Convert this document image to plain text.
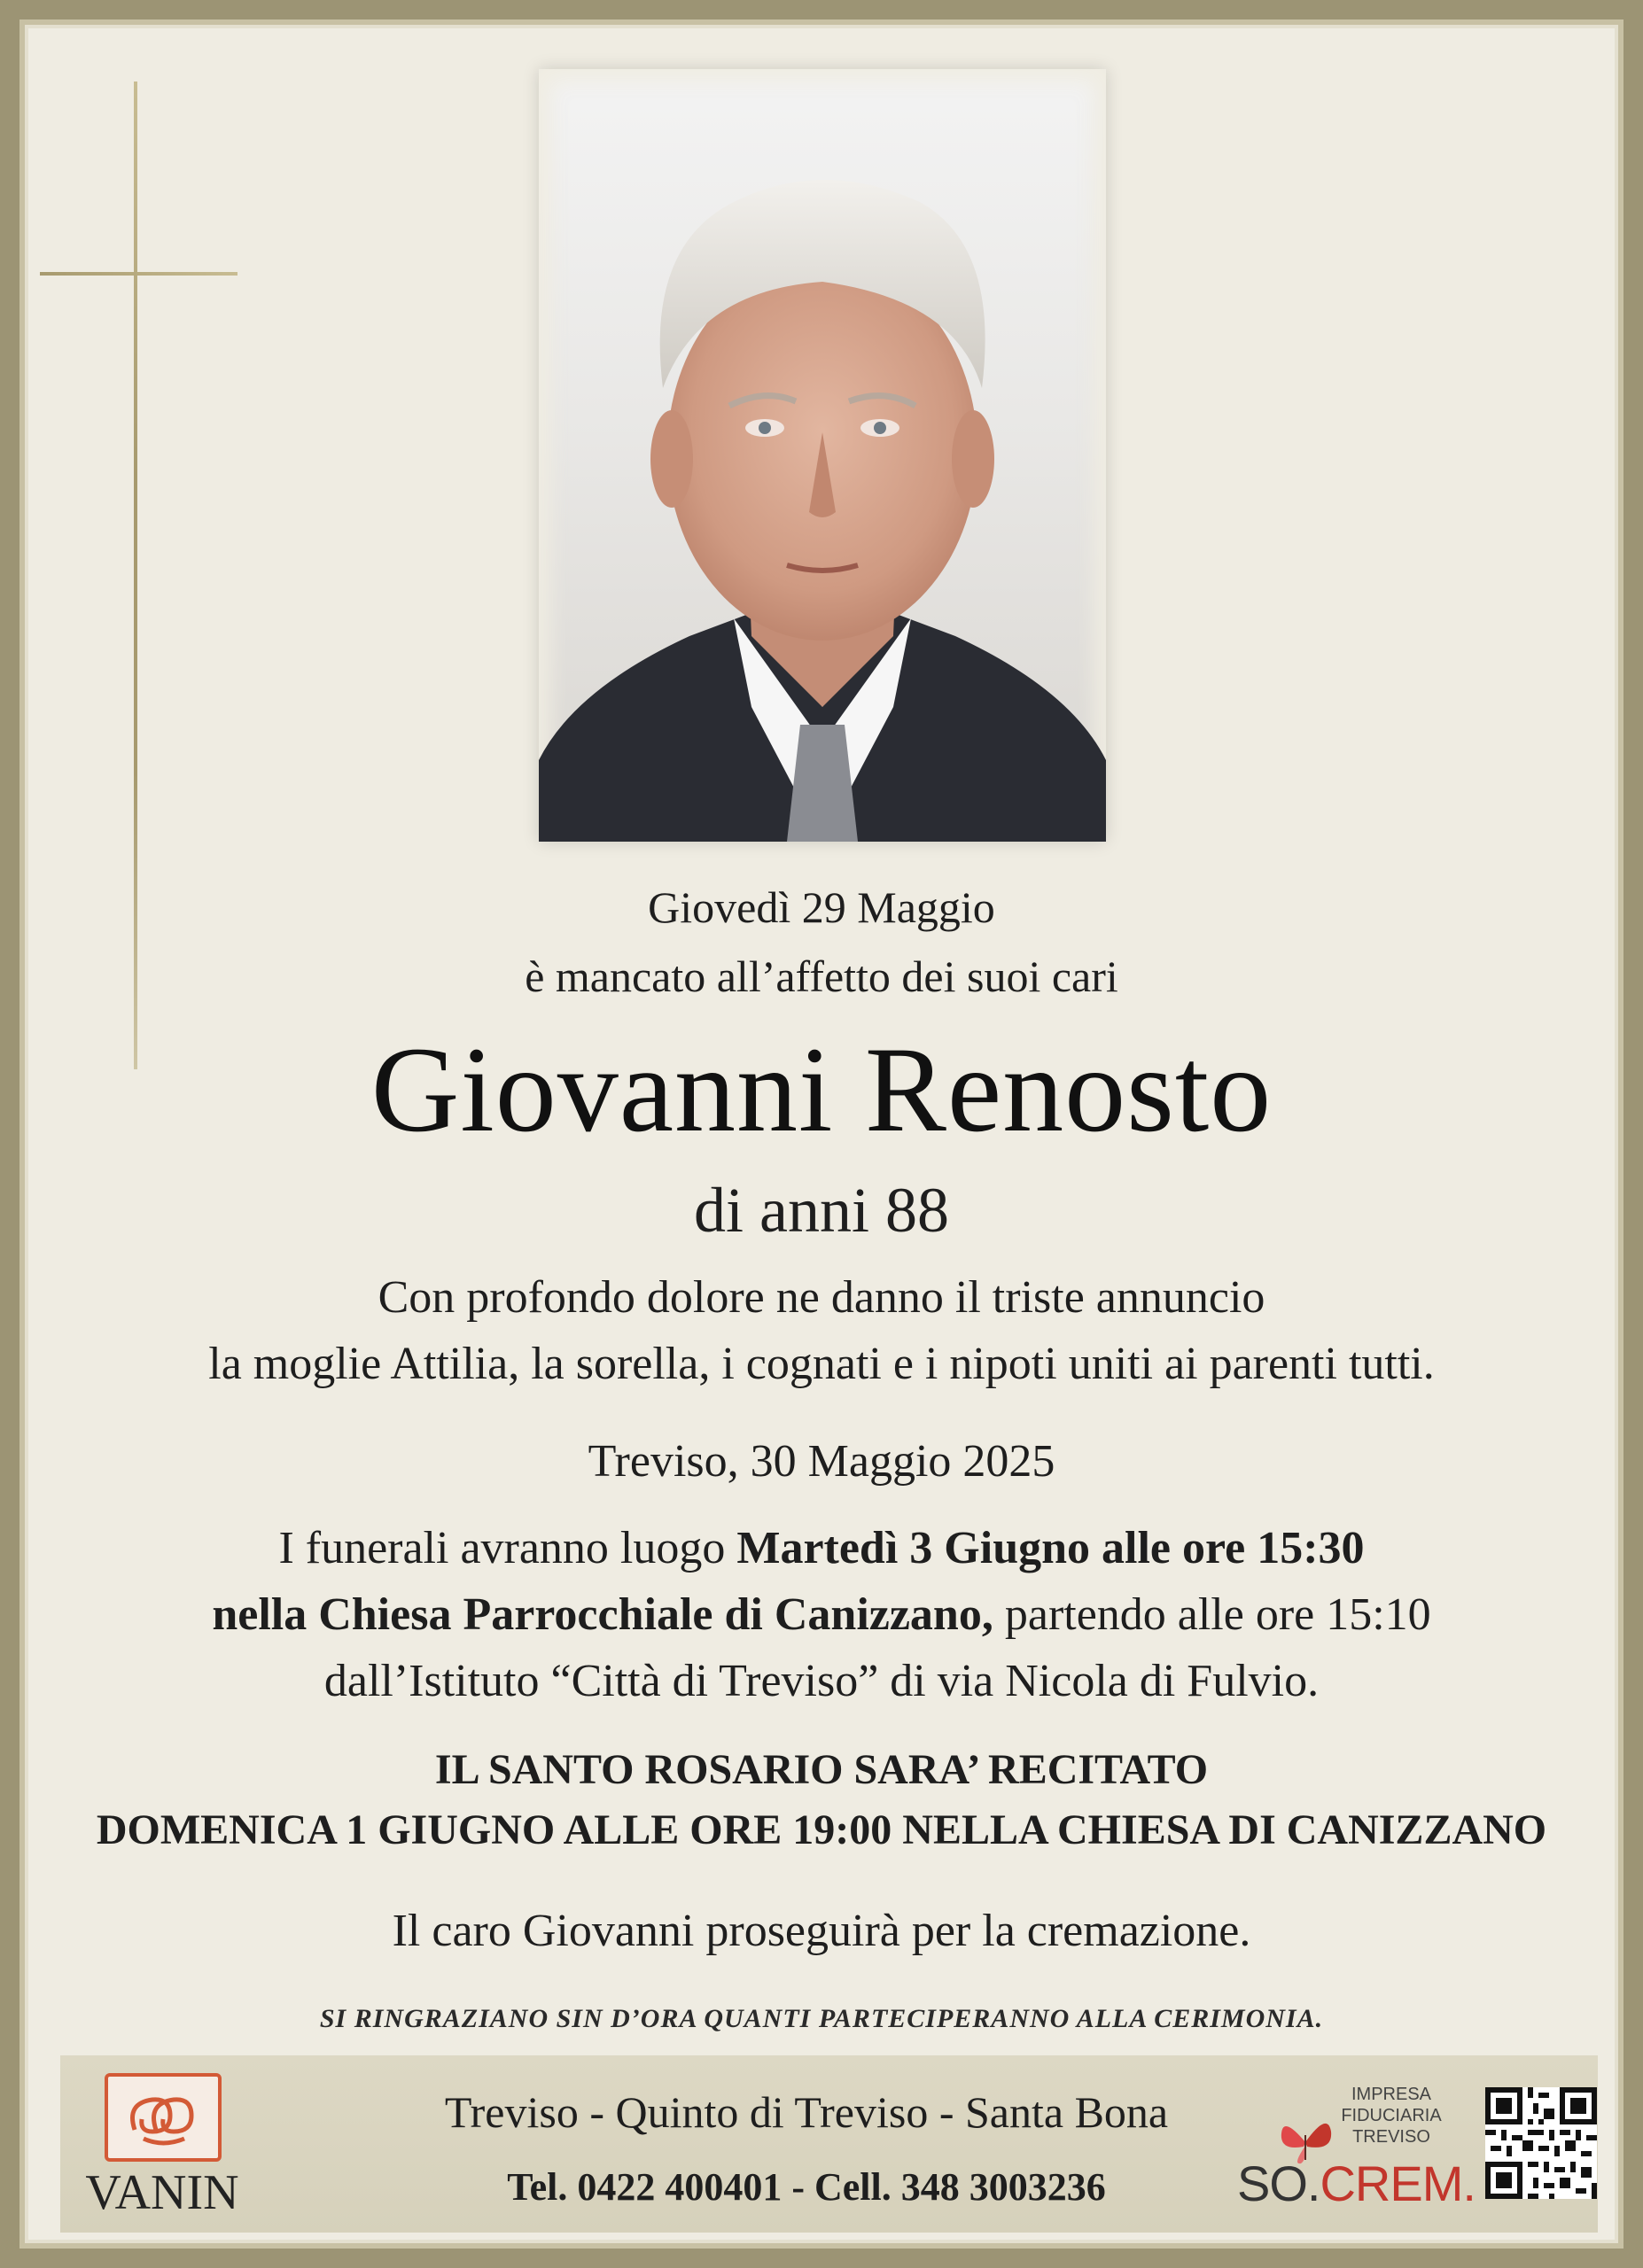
Giovedì 29 Maggio
è mancato all’affetto dei suoi cari
Giovanni Renosto
di anni 88
Con profondo dolore ne danno il triste annuncio
la moglie Attilia, la sorella, i cognati e i nipoti uniti ai parenti tutti.
Treviso, 30 Maggio 2025
I funerali avranno luogo Martedì 3 Giugno alle ore 15:30
nella Chiesa Parrocchiale di Canizzano, partendo alle ore 15:10
dall’Istituto “Città di Treviso” di via Nicola di Fulvio.
IL SANTO ROSARIO SARA’ RECITATO
DOMENICA 1 GIUGNO ALLE ORE 19:00 NELLA CHIESA DI CANIZZANO
Il caro Giovanni proseguirà per la cremazione.
SI RINGRAZIANO SIN D’ORA QUANTI PARTECIPERANNO ALLA CERIMONIA.
VANIN
Treviso - Quinto di Treviso - Santa Bona
Tel. 0422 400401 - Cell. 348 3003236
IMPRESA
FIDUCIARIA
TREVISO
SO.CREM.
